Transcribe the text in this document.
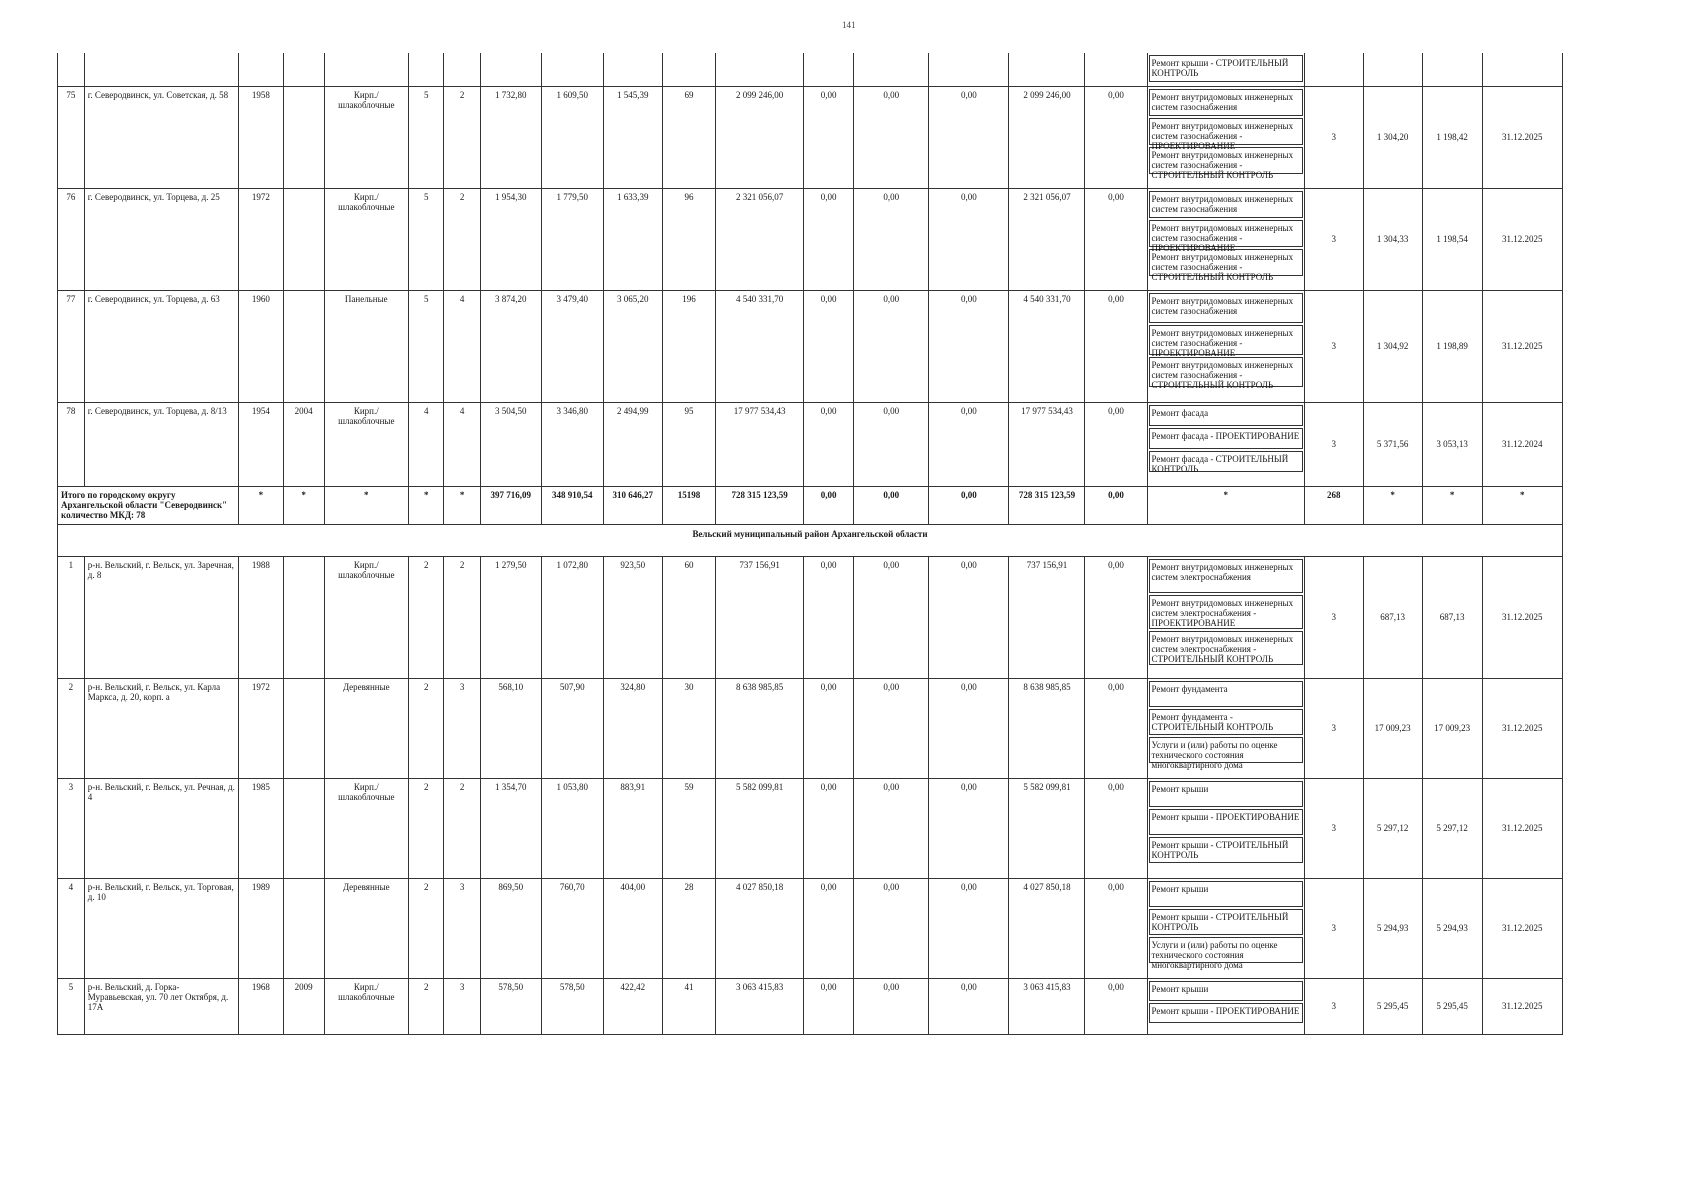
141

																	Ремонт крыши - СТРОИТЕЛЬНЫЙ КОНТРОЛЬ				

75	г. Северодвинск, ул. Советская, д. 58	1958		Кирп./ шлакоблочные	5	2	1 732,80	1 609,50	1 545,39	69	2 099 246,00	0,00	0,00	0,00	2 099 246,00	0,00	Ремонт внутридомовых инженерных систем газоснабжения
Ремонт внутридомовых инженерных систем газоснабжения - ПРОЕКТИРОВАНИЕ
Ремонт внутридомовых инженерных систем газоснабжения - СТРОИТЕЛЬНЫЙ КОНТРОЛЬ	3	1 304,20	1 198,42	31.12.2025
76	г. Северодвинск, ул. Торцева, д. 25	1972		Кирп./ шлакоблочные	5	2	1 954,30	1 779,50	1 633,39	96	2 321 056,07	0,00	0,00	0,00	2 321 056,07	0,00	Ремонт внутридомовых инженерных систем газоснабжения
Ремонт внутридомовых инженерных систем газоснабжения - ПРОЕКТИРОВАНИЕ
Ремонт внутридомовых инженерных систем газоснабжения - СТРОИТЕЛЬНЫЙ КОНТРОЛЬ	3	1 304,33	1 198,54	31.12.2025
77	г. Северодвинск, ул. Торцева, д. 63	1960		Панельные	5	4	3 874,20	3 479,40	3 065,20	196	4 540 331,70	0,00	0,00	0,00	4 540 331,70	0,00	Ремонт внутридомовых инженерных систем газоснабжения
Ремонт внутридомовых инженерных систем газоснабжения - ПРОЕКТИРОВАНИЕ
Ремонт внутридомовых инженерных систем газоснабжения - СТРОИТЕЛЬНЫЙ КОНТРОЛЬ	3	1 304,92	1 198,89	31.12.2025
78	г. Северодвинск, ул. Торцева, д. 8/13	1954	2004	Кирп./ шлакоблочные	4	4	3 504,50	3 346,80	2 494,99	95	17 977 534,43	0,00	0,00	0,00	17 977 534,43	0,00	Ремонт фасада
Ремонт фасада - ПРОЕКТИРОВАНИЕ
Ремонт фасада - СТРОИТЕЛЬНЫЙ КОНТРОЛЬ	3	5 371,56	3 053,13	31.12.2024
Итого по городскому округу Архангельской области "Северодвинск" количество МКД: 78		*	*	*	*	*	397 716,09	348 910,54	310 646,27	15198	728 315 123,59	0,00	0,00	0,00	728 315 123,59	0,00	*	268	*	*	*
Вельский муниципальный район Архангельской области																					
1	р-н. Вельский, г. Вельск, ул. Заречная, д. 8	1988		Кирп./ шлакоблочные	2	2	1 279,50	1 072,80	923,50	60	737 156,91	0,00	0,00	0,00	737 156,91	0,00	Ремонт внутридомовых инженерных систем электроснабжения
Ремонт внутридомовых инженерных систем электроснабжения - ПРОЕКТИРОВАНИЕ
Ремонт внутридомовых инженерных систем электроснабжения - СТРОИТЕЛЬНЫЙ КОНТРОЛЬ	3	687,13	687,13	31.12.2025
2	р-н. Вельский, г. Вельск, ул. Карла Маркса, д. 20, корп. а	1972		Деревянные	2	3	568,10	507,90	324,80	30	8 638 985,85	0,00	0,00	0,00	8 638 985,85	0,00	Ремонт фундамента
Ремонт фундамента - СТРОИТЕЛЬНЫЙ КОНТРОЛЬ
Услуги и (или) работы по оценке технического состояния многоквартирного дома	3	17 009,23	17 009,23	31.12.2025
3	р-н. Вельский, г. Вельск, ул. Речная, д. 4	1985		Кирп./ шлакоблочные	2	2	1 354,70	1 053,80	883,91	59	5 582 099,81	0,00	0,00	0,00	5 582 099,81	0,00	Ремонт крыши
Ремонт крыши - ПРОЕКТИРОВАНИЕ
Ремонт крыши - СТРОИТЕЛЬНЫЙ КОНТРОЛЬ	3	5 297,12	5 297,12	31.12.2025
4	р-н. Вельский, г. Вельск, ул. Торговая, д. 10	1989		Деревянные	2	3	869,50	760,70	404,00	28	4 027 850,18	0,00	0,00	0,00	4 027 850,18	0,00	Ремонт крыши
Ремонт крыши - СТРОИТЕЛЬНЫЙ КОНТРОЛЬ
Услуги и (или) работы по оценке технического состояния многоквартирного дома	3	5 294,93	5 294,93	31.12.2025
5	р-н. Вельский, д. Горка-Муравьевская, ул. 70 лет Октября, д. 17А	1968	2009	Кирп./ шлакоблочные	2	3	578,50	578,50	422,42	41	3 063 415,83	0,00	0,00	0,00	3 063 415,83	0,00	Ремонт крыши
Ремонт крыши - ПРОЕКТИРОВАНИЕ	3	5 295,45	5 295,45	31.12.2025
